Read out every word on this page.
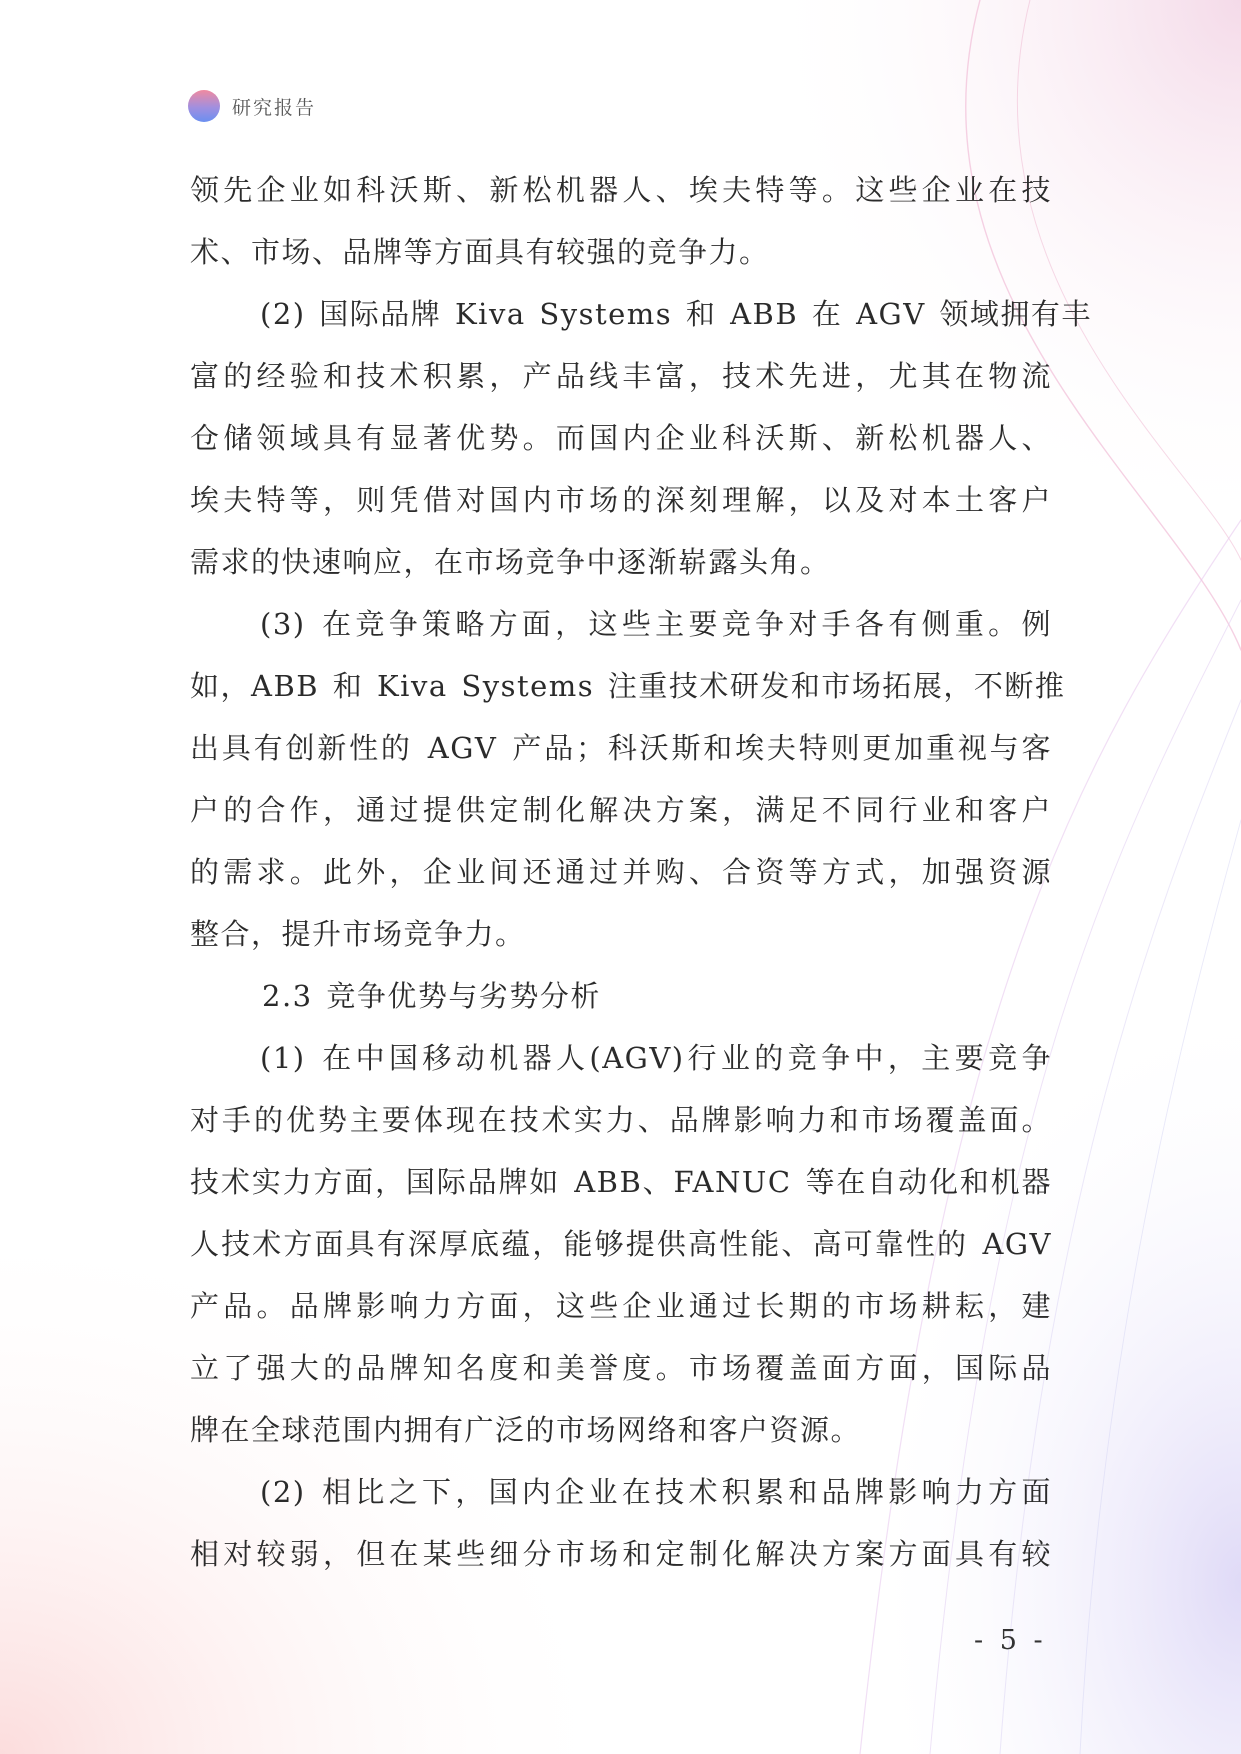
研究报告
领先企业如科沃斯、新松机器人、埃夫特等。这些企业在技
术、市场、品牌等方面具有较强的竞争力。
(2) 国际品牌 Kiva Systems 和 ABB 在 AGV 领域拥有丰
富的经验和技术积累，产品线丰富，技术先进，尤其在物流
仓储领域具有显著优势。而国内企业科沃斯、新松机器人、
埃夫特等，则凭借对国内市场的深刻理解，以及对本土客户
需求的快速响应，在市场竞争中逐渐崭露头角。
(3) 在竞争策略方面，这些主要竞争对手各有侧重。例
如，ABB 和 Kiva Systems 注重技术研发和市场拓展，不断推
出具有创新性的 AGV 产品；科沃斯和埃夫特则更加重视与客
户的合作，通过提供定制化解决方案，满足不同行业和客户
的需求。此外，企业间还通过并购、合资等方式，加强资源
整合，提升市场竞争力。
2.3 竞争优势与劣势分析
(1) 在中国移动机器人(AGV)行业的竞争中，主要竞争
对手的优势主要体现在技术实力、品牌影响力和市场覆盖面。
技术实力方面，国际品牌如 ABB、FANUC 等在自动化和机器
人技术方面具有深厚底蕴，能够提供高性能、高可靠性的 AGV
产品。品牌影响力方面，这些企业通过长期的市场耕耘，建
立了强大的品牌知名度和美誉度。市场覆盖面方面，国际品
牌在全球范围内拥有广泛的市场网络和客户资源。
(2) 相比之下，国内企业在技术积累和品牌影响力方面
相对较弱，但在某些细分市场和定制化解决方案方面具有较
- 5 -
